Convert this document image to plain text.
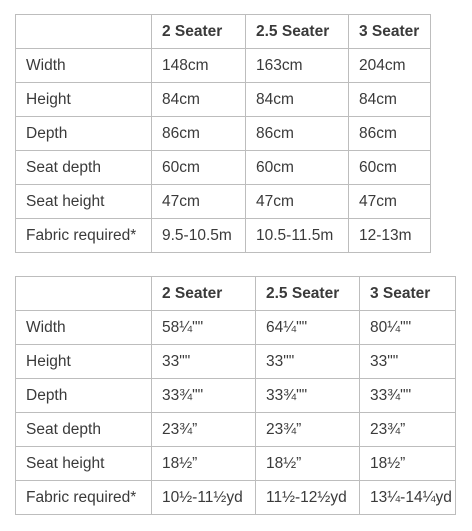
	2 Seater	2.5 Seater	3 Seater
Width	148cm	163cm	204cm
Height	84cm	84cm	84cm
Depth	86cm	86cm	86cm
Seat depth	60cm	60cm	60cm
Seat height	47cm	47cm	47cm
Fabric required*	9.5-10.5m	10.5-11.5m	12-13m
	2 Seater	2.5 Seater	3 Seater
Width	58¼""	64¼""	80¼""
Height	33""	33""	33""
Depth	33¾""	33¾""	33¾""
Seat depth	23¾”	23¾”	23¾”
Seat height	18½”	18½”	18½”
Fabric required*	10½-11½yd	11½-12½yd	13¼-14¼yd
